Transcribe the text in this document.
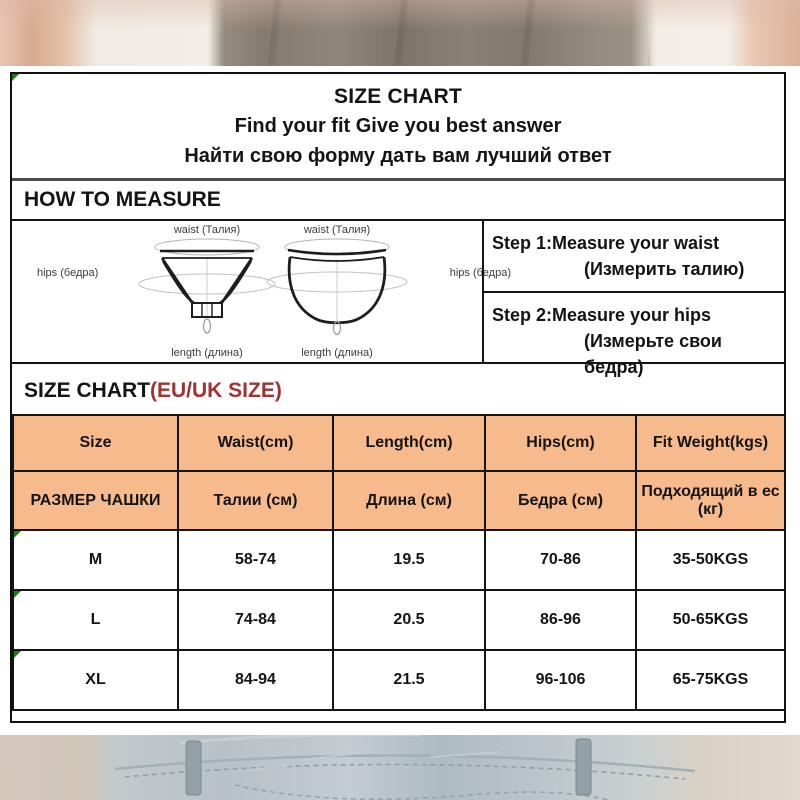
SIZE CHART
Find your fit Give you best answer
Найти свою форму дать вам лучший ответ
HOW TO MEASURE
waist (Талия)
hips (бедра)
length (длина)
waist (Талия)
hips (бедра)
length (длина)
Step 1:Measure your waist
(Измерить талию)
Step 2:Measure your hips
(Измерьте свои бедра)
SIZE CHART(EU/UK SIZE)
Size	Waist(cm)	Length(cm)	Hips(cm)	Fit Weight(kgs)
РАЗМЕР ЧАШКИ	Талии (см)	Длина (см)	Бедра (см)	Подходящий в ес (кг)

M	58-74	19.5	70-86	35-50KGS

L	74-84	20.5	86-96	50-65KGS

XL	84-94	21.5	96-106	65-75KGS
